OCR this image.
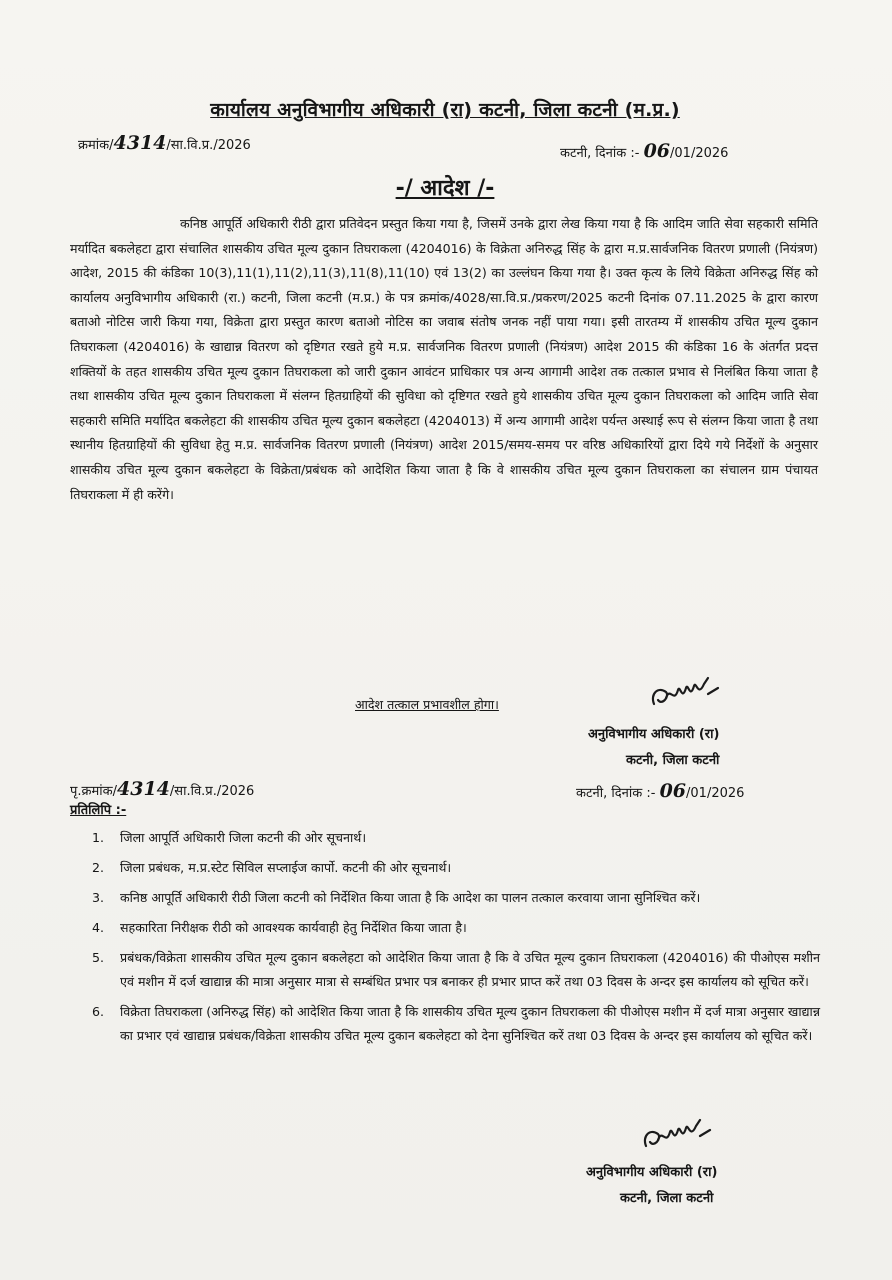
कार्यालय अनुविभागीय अधिकारी (रा) कटनी, जिला कटनी (म.प्र.)
क्रमांक/4314/सा.वि.प्र./2026
कटनी, दिनांक :- 06/01/2026
-/ आदेश /-

कनिष्ठ आपूर्ति अधिकारी रीठी द्वारा प्रतिवेदन प्रस्तुत किया गया है, जिसमें उनके द्वारा लेख किया गया है कि आदिम जाति सेवा सहकारी समिति मर्यादित बकलेहटा द्वारा संचालित शासकीय उचित मूल्य दुकान तिघराकला (4204016) के विक्रेता अनिरुद्ध सिंह के द्वारा म.प्र.सार्वजनिक वितरण प्रणाली (नियंत्रण) आदेश, 2015 की कंडिका 10(3),11(1),11(2),11(3),11(8),11(10) एवं 13(2) का उल्लंघन किया गया है। उक्त कृत्य के लिये विक्रेता अनिरुद्ध सिंह को कार्यालय अनुविभागीय अधिकारी (रा.) कटनी, जिला कटनी (म.प्र.) के पत्र क्रमांक/4028/सा.वि.प्र./प्रकरण/2025 कटनी दिनांक 07.11.2025 के द्वारा कारण बताओ नोटिस जारी किया गया, विक्रेता द्वारा प्रस्तुत कारण बताओ नोटिस का जवाब संतोष जनक नहीं पाया गया। इसी तारतम्य में शासकीय उचित मूल्य दुकान तिघराकला (4204016) के खाद्यान्न वितरण को दृष्टिगत रखते हुये म.प्र. सार्वजनिक वितरण प्रणाली (नियंत्रण) आदेश 2015 की कंडिका 16 के अंतर्गत प्रदत्त शक्तियों के तहत शासकीय उचित मूल्य दुकान तिघराकला को जारी दुकान आवंटन प्राधिकार पत्र अन्य आगामी आदेश तक तत्काल प्रभाव से निलंबित किया जाता है तथा शासकीय उचित मूल्य दुकान तिघराकला में संलग्न हितग्राहियों की सुविधा को दृष्टिगत रखते हुये शासकीय उचित मूल्य दुकान तिघराकला को आदिम जाति सेवा सहकारी समिति मर्यादित बकलेहटा की शासकीय उचित मूल्य दुकान बकलेहटा (4204013) में अन्य आगामी आदेश पर्यन्त अस्थाई रूप से संलग्न किया जाता है तथा स्थानीय हितग्राहियों की सुविधा हेतु म.प्र. सार्वजनिक वितरण प्रणाली (नियंत्रण) आदेश 2015/समय-समय पर वरिष्ठ अधिकारियों द्वारा दिये गये निर्देशों के अनुसार शासकीय उचित मूल्य दुकान बकलेहटा के विक्रेता/प्रबंधक को आदेशित किया जाता है कि वे शासकीय उचित मूल्य दुकान तिघराकला का संचालन ग्राम पंचायत तिघराकला में ही करेंगे।

आदेश तत्काल प्रभावशील होगा।
अनुविभागीय अधिकारी (रा)
कटनी, जिला कटनी
पृ.क्रमांक/4314/सा.वि.प्र./2026	कटनी, दिनांक :- 06/01/2026
प्रतिलिपि :-
1.	जिला आपूर्ति अधिकारी जिला कटनी की ओर सूचनार्थ।
2.	जिला प्रबंधक, म.प्र.स्टेट सिविल सप्लाईज कार्पो. कटनी की ओर सूचनार्थ।
3.	कनिष्ठ आपूर्ति अधिकारी रीठी जिला कटनी को निर्देशित किया जाता है कि आदेश का पालन तत्काल करवाया जाना सुनिश्चित करें।
4.	सहकारिता निरीक्षक रीठी को आवश्यक कार्यवाही हेतु निर्देशित किया जाता है।
5.	प्रबंधक/विक्रेता शासकीय उचित मूल्य दुकान बकलेहटा को आदेशित किया जाता है कि वे उचित मूल्य दुकान तिघराकला (4204016) की पीओएस मशीन एवं मशीन में दर्ज खाद्यान्न की मात्रा अनुसार मात्रा से सम्बंधित प्रभार पत्र बनाकर ही प्रभार प्राप्त करें तथा 03 दिवस के अन्दर इस कार्यालय को सूचित करें।
6.	विक्रेता तिघराकला (अनिरुद्ध सिंह) को आदेशित किया जाता है कि शासकीय उचित मूल्य दुकान तिघराकला की पीओएस मशीन में दर्ज मात्रा अनुसार खाद्यान्न का प्रभार एवं खाद्यान्न प्रबंधक/विक्रेता शासकीय उचित मूल्य दुकान बकलेहटा को देना सुनिश्चित करें तथा 03 दिवस के अन्दर इस कार्यालय को सूचित करें।
अनुविभागीय अधिकारी (रा)
कटनी, जिला कटनी
